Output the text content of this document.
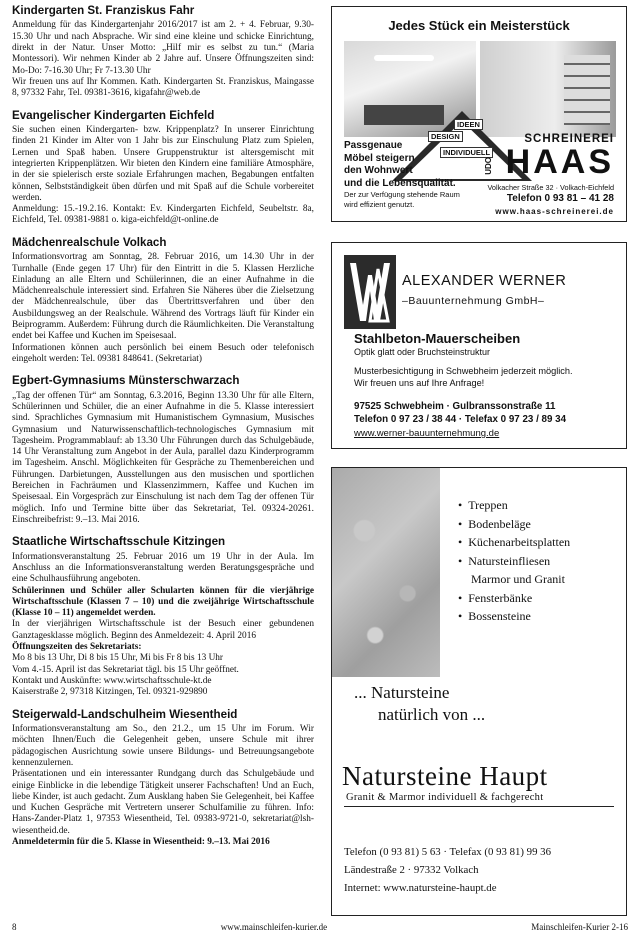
Kindergarten St. Franziskus Fahr

Anmeldung für das Kindergartenjahr 2016/2017 ist am 2. + 4. Februar, 9.30-15.30 Uhr und nach Absprache. Wir sind eine kleine und schicke Einrichtung, direkt in der Natur. Unser Motto: „Hilf mir es selbst zu tun.“ (Maria Montessori). Wir nehmen Kinder ab 2 Jahre auf. Unsere Öffnungszeiten sind: Mo-Do: 7-16.30 Uhr; Fr 7-13.30 Uhr

Wir freuen uns auf Ihr Kommen. Kath. Kindergarten St. Franziskus, Maingasse 8, 97332 Fahr, Tel. 09381-3616, kigafahr@web.de

Evangelischer Kindergarten Eichfeld

Sie suchen einen Kindergarten- bzw. Krippenplatz? In unserer Einrichtung finden 21 Kinder im Alter von 1 Jahr bis zur Einschulung Platz zum Spielen, Lernen und Spaß haben. Unsere Gruppenstruktur ist altersgemischt mit integrierten Krippenplätzen. Wir bieten den Kindern eine familiäre Atmosphäre, in der sie spielerisch erste soziale Erfahrungen machen, Begabungen entfalten können, Selbstständigkeit üben dürfen und mit Spaß auf die Schule vorbereitet werden.

Anmeldung: 15.-19.2.16. Kontakt: Ev. Kindergarten Eichfeld, Seubeltstr. 8a, Eichfeld, Tel. 09381-9881 o. kiga-eichfeld@t-online.de

Mädchenrealschule Volkach

Informationsvortrag am Sonntag, 28. Februar 2016, um 14.30 Uhr in der Turnhalle (Ende gegen 17 Uhr) für den Eintritt in die 5. Klassen Herzliche Einladung an alle Eltern und Schülerinnen, die an einer Aufnahme in die Mädchenrealschule interessiert sind. Erfahren Sie Näheres über die Zielsetzung der Mädchenrealschule, über das Übertrittsverfahren und über den Ausbildungsweg an der Realschule. Während des Vortrags läuft für Kinder ein Beiprogramm. Außerdem: Führung durch die Räumlichkeiten. Die Veranstaltung endet bei Kaffee und Kuchen im Speisesaal.

Informationen können auch persönlich bei einem Besuch oder telefonisch eingeholt werden: Tel. 09381 848641. (Sekretariat)

Egbert-Gymnasiums Münsterschwarzach

„Tag der offenen Tür“ am Sonntag, 6.3.2016, Beginn 13.30 Uhr für alle Eltern, Schülerinnen und Schüler, die an einer Aufnahme in die 5. Klasse interessiert sind. Sprachliches Gymnasium mit Humanistischem Gymnasium, Musisches Gymnasium und Naturwissenschaftlich-technologisches Gymnasium mit Tagesheim. Programmablauf: ab 13.30 Uhr Führungen durch das Schulgebäude, 14 Uhr Veranstaltung zum Angebot in der Aula, parallel dazu Kinderprogramm im Tagesheim. Anschl. Möglichkeiten für Gespräche zu Themenbereichen und Führungen. Darbietungen, Ausstellungen aus den musischen und sportlichen Bereichen in Fachräumen und Klassenzimmern, Kaffee und Kuchen im Speisesaal. Ein Vorgespräch zur Einschulung ist nach dem Tag der offenen Tür möglich. Info und Termine bitte über das Sekretariat, Tel. 09324-20261. Einschreibefrist: 9.–13. Mai 2016.

Staatliche Wirtschaftsschule Kitzingen

Informationsveranstaltung 25. Februar 2016 um 19 Uhr in der Aula. Im Anschluss an die Informationsveranstaltung werden Beratungsgespräche und eine Schulhausführung angeboten.

Schülerinnen und Schüler aller Schularten können für die vierjährige Wirtschaftsschule (Klassen 7 – 10) und die zweijährige Wirtschaftsschule (Klasse 10 – 11) angemeldet werden.

In der vierjährigen Wirtschaftsschule ist der Besuch einer gebundenen Ganztagesklasse möglich. Beginn des Anmeldezeit: 4. April 2016

Öffnungszeiten des Sekretariats:

Mo 8 bis 13 Uhr, Di 8 bis 15 Uhr, Mi bis Fr 8 bis 13 Uhr

Vom 4.-15. April ist das Sekretariat tägl. bis 15 Uhr geöffnet.

Kontakt und Auskünfte: www.wirtschaftsschule-kt.de

Kaiserstraße 2, 97318 Kitzingen, Tel. 09321-929890

Steigerwald-Landschulheim Wiesentheid

Informationsveranstaltung am So., den 21.2., um 15 Uhr im Forum. Wir möchten Ihnen/Euch die Gelegenheit geben, unsere Schule mit ihrer pädagogischen Ausrichtung sowie unsere Bildungs- und Betreuungsangebote kennenzulernen.

Präsentationen und ein interessanter Rundgang durch das Schulgebäude und einige Einblicke in die lebendige Tätigkeit unserer Fachschaften! Und an Euch, liebe Kinder, ist auch gedacht. Zum Ausklang haben Sie Gelegenheit, bei Kaffee und Kuchen Gespräche mit Vertretern unserer Schulfamilie zu führen. Info: Hans-Zander-Platz 1, 97353 Wiesentheid, Tel. 09383-9721-0, sekretariat@lsh-wiesentheid.de.

Anmeldetermin für die 5. Klasse in Wiesentheid: 9.–13. Mai 2016

Jedes Stück ein Meisterstück
IDEEN
DESIGN
INDIVIDUELL
Passgenaue
Möbel steigern
den Wohnwert
und die Lebensqualität.
Der zur Verfügung stehende Raum
wird effizient genutzt.
SCHREINEREI
UDO HAAS
Volkacher Straße 32 · Volkach-Eichfeld
Telefon 0 93 81 – 41 28
www.haas-schreinerei.de
ALEXANDER WERNER
–Bauunternehmung GmbH–
Stahlbeton-Mauerscheiben
Optik glatt oder Bruchsteinstruktur
Musterbesichtigung in Schwebheim jederzeit möglich.
Wir freuen uns auf Ihre Anfrage!
97525 Schwebheim · Gulbranssonstraße 11
Telefon 0 97 23 / 38 44 · Telefax 0 97 23 / 89 34
www.werner-bauunternehmung.de
• Treppen
• Bodenbeläge
• Küchenarbeitsplatten
• Natursteinfliesen
Marmor und Granit
• Fensterbänke
• Bossensteine
... Natursteine
natürlich von ...
Natursteine Haupt
Granit & Marmor individuell & fachgerecht
Telefon (0 93 81) 5 63 · Telefax (0 93 81) 99 36
Ländestraße 2 · 97332 Volkach
Internet: www.natursteine-haupt.de
8	www.mainschleifen-kurier.de	Mainschleifen-Kurier 2-16
